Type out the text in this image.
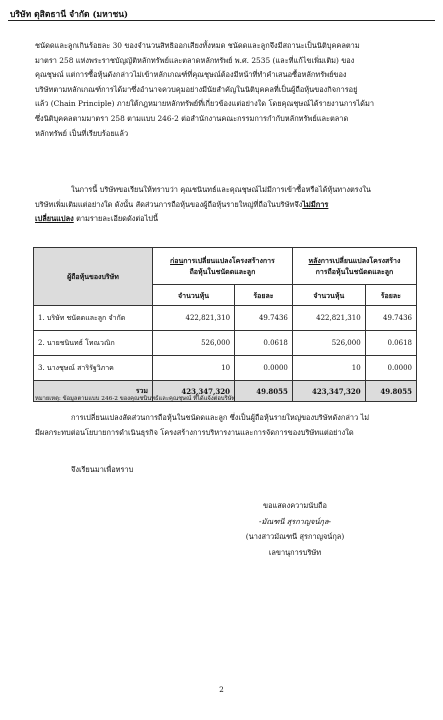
บริษัท ดุสิตธานี จำกัด (มหาชน)
ชนัดดและลูกเกินร้อยละ 30 ของจำนวนสิทธิออกเสียงทั้งหมด ชนัดดและลูกจึงมีสถานะเป็นนิติบุคคลตาม
มาตรา 258 แห่งพระราชบัญญัติหลักทรัพย์และตลาดหลักทรัพย์ พ.ศ. 2535 (และที่แก้ไขเพิ่มเติม) ของ
คุณชุษณ์ แต่การซื้อหุ้นดังกล่าวไม่เข้าหลักเกณฑ์ที่คุณชุษณ์ต้องมีหน้าที่ทำคำเสนอซื้อหลักทรัพย์ของ
บริษัทตามหลักเกณฑ์การได้มาซึ่งอำนาจควบคุมอย่างมีนัยสำคัญในนิติบุคคลที่เป็นผู้ถือหุ้นของกิจการอยู่
แล้ว (Chain Principle) ภายใต้กฎหมายหลักทรัพย์ที่เกี่ยวข้องแต่อย่างใด โดยคุณชุษณ์ได้รายงานการได้มา
ซึ่งนิติบุคคลตามมาตรา 258 ตามแบบ 246-2 ต่อสำนักงานคณะกรรมการกำกับหลักทรัพย์และตลาด
หลักทรัพย์ เป็นที่เรียบร้อยแล้ว
ในการนี้ บริษัทขอเรียนให้ทราบว่า คุณชนินทธ์และคุณชุษณ์ไม่มีการเข้าซื้อหรือได้หุ้นทางตรงใน
บริษัทเพิ่มเติมแต่อย่างใด ดังนั้น สัดส่วนการถือหุ้นของผู้ถือหุ้นรายใหญ่ที่ถือในบริษัทจึงไม่มีการ
เปลี่ยนแปลง ตามรายละเอียดดังต่อไปนี้
ผู้ถือหุ้นของบริษัท	ก่อนการเปลี่ยนแปลงโครงสร้างการ
ถือหุ้นในชนัดดและลูก		หลังการเปลี่ยนแปลงโครงสร้าง
การถือหุ้นในชนัดดและลูก	
	จำนวนหุ้น	ร้อยละ	จำนวนหุ้น	ร้อยละ
1. บริษัท ชนัดดและลูก จำกัด	422,821,310	49.7436	422,821,310	49.7436
2. นายชนินทธ์ โทณวณิก	526,000	0.0618	526,000	0.0618
3. นางชุษณ์ สาริรัฐวิภาค	10	0.0000	10	0.0000
รวม	423,347,320	49.8055	423,347,320	49.8055
หมายเหตุ: ข้อมูลตามแบบ 246-2 ของคุณชนินทธ์และคุณชุษณ์ ที่ได้แจ้งต่อบริษัท
การเปลี่ยนแปลงสัดส่วนการถือหุ้นในชนัดดและลูก ซึ่งเป็นผู้ถือหุ้นรายใหญ่ของบริษัทดังกล่าว ไม่
มีผลกระทบต่อนโยบายการดำเนินธุรกิจ โครงสร้างการบริหารงานและการจัดการของบริษัทแต่อย่างใด
จึงเรียนมาเพื่อทราบ
ขอแสดงความนับถือ
-มัณฑนี สุรกาญจน์กุล-
(นางสาวมัณฑนี สุรกาญจน์กุล)
เลขานุการบริษัท
2
